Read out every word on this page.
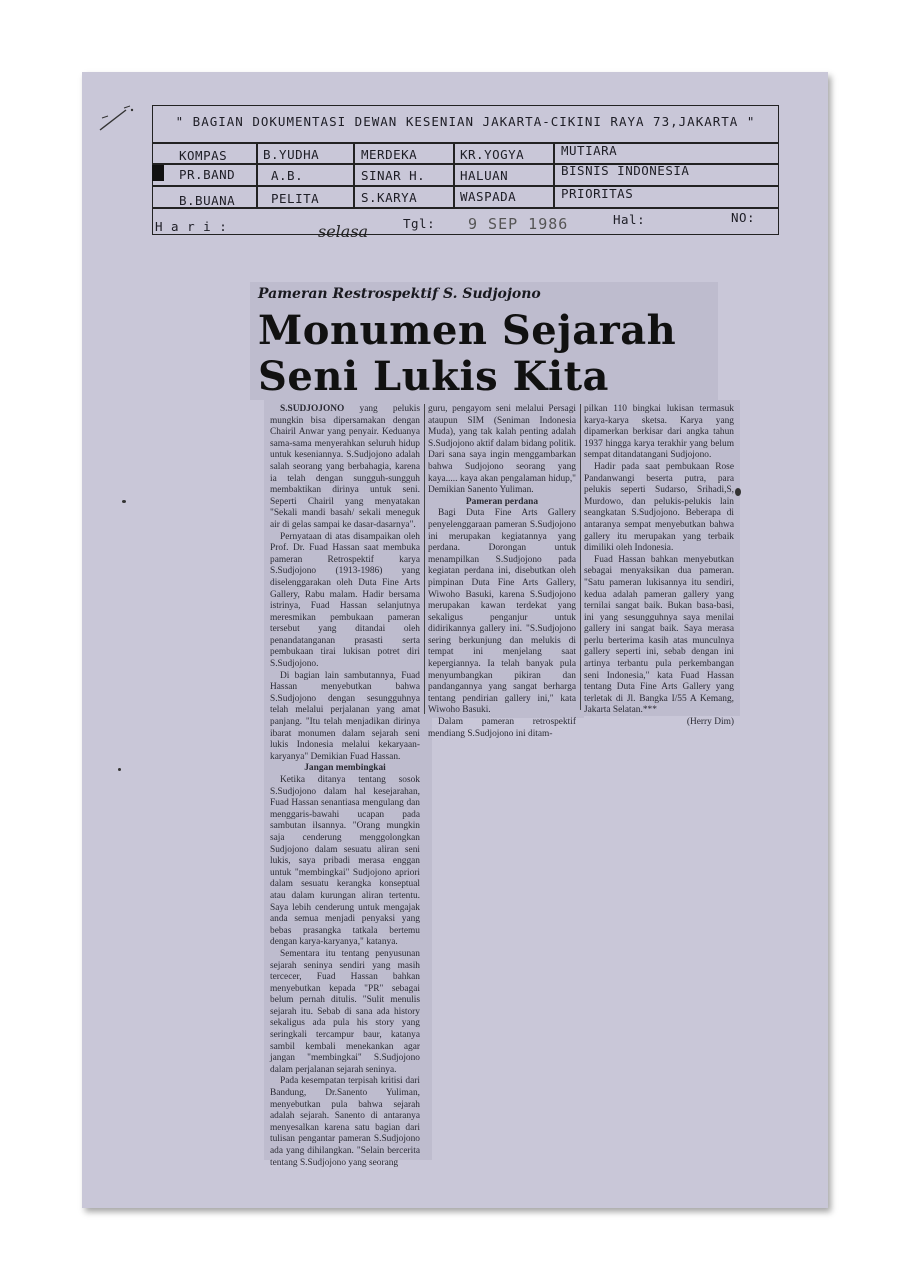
" BAGIAN DOKUMENTASI DEWAN KESENIAN JAKARTA-CIKINI RAYA 73,JAKARTA "
KOMPAS	B.YUDHA	MERDEKA	KR.YOGYA	MUTIARA
PR.BAND	A.B.	SINAR H.	HALUAN	BISNIS INDONESIA
B.BUANA	PELITA	S.KARYA	WASPADA	PRIORITAS
H a r i :	Tgl:	Hal:	NO:
selasa	9 SEP 1986
Pameran Restrospektif S. Sudjojono
Monumen Sejarah
Seni Lukis Kita

S.SUDJOJONO yang pelukis mungkin bisa dipersamakan dengan Chairil Anwar yang penyair. Keduanya sama-sama menyerahkan seluruh hidup untuk keseniannya. S.Sudjojono adalah salah seorang yang berbahagia, karena ia telah dengan sungguh-sungguh membaktikan dirinya untuk seni. Seperti Chairil yang menyatakan "Sekali mandi basah/ sekali meneguk air di gelas sampai ke dasar-dasarnya".

Pernyataan di atas disampaikan oleh Prof. Dr. Fuad Hassan saat membuka pameran Retrospektif karya S.Sudjojono (1913-1986) yang diselenggarakan oleh Duta Fine Arts Gallery, Rabu malam. Hadir bersama istrinya, Fuad Hassan selanjutnya meresmikan pembukaan pameran tersebut yang ditandai oleh penandatanganan prasasti serta pembukaan tirai lukisan potret diri S.Sudjojono.

Di bagian lain sambutannya, Fuad Hassan menyebutkan bahwa S.Sudjojono dengan sesungguhnya telah melalui perjalanan yang amat panjang. "Itu telah menjadikan dirinya ibarat monumen dalam sejarah seni lukis Indonesia melalui kekaryaan-karyanya" Demikian Fuad Hassan.

Jangan membingkai

Ketika ditanya tentang sosok S.Sudjojono dalam hal kesejarahan, Fuad Hassan senantiasa mengulang dan menggaris-bawahi ucapan pada sambutan ilsannya. "Orang mungkin saja cenderung menggolongkan Sudjojono dalam sesuatu aliran seni lukis, saya pribadi merasa enggan untuk "membingkai" Sudjojono apriori dalam sesuatu kerangka konseptual atau dalam kurungan aliran tertentu. Saya lebih cenderung untuk mengajak anda semua menjadi penyaksi yang bebas prasangka tatkala bertemu dengan karya-karyanya," katanya.

Sementara itu tentang penyusunan sejarah seninya sendiri yang masih tercecer, Fuad Hassan bahkan menyebutkan kepada "PR" sebagai belum pernah ditulis. "Sulit menulis sejarah itu. Sebab di sana ada history sekaligus ada pula his story yang seringkali tercampur baur, katanya sambil kembali menekankan agar jangan "membingkai" S.Sudjojono dalam perjalanan sejarah seninya.

Pada kesempatan terpisah kritisi dari Bandung, Dr.Sanento Yuliman, menyebutkan pula bahwa sejarah adalah sejarah. Sanento di antaranya menyesalkan karena satu bagian dari tulisan pengantar pameran S.Sudjojono ada yang dihilangkan. "Selain bercerita tentang S.Sudjojono yang seorang

guru, pengayom seni melalui Persagi ataupun SIM (Seniman Indonesia Muda), yang tak kalah penting adalah S.Sudjojono aktif dalam bidang politik. Dari sana saya ingin menggambarkan bahwa Sudjojono seorang yang kaya..... kaya akan pengalaman hidup," Demikian Sanento Yuliman.

Pameran perdana

Bagi Duta Fine Arts Gallery penyelenggaraan pameran S.Sudjojono ini merupakan kegiatannya yang perdana. Dorongan untuk menampilkan S.Sudjojono pada kegiatan perdana ini, disebutkan oleh pimpinan Duta Fine Arts Gallery, Wiwoho Basuki, karena S.Sudjojono merupakan kawan terdekat yang sekaligus penganjur untuk didirikannya gallery ini. "S.Sudjojono sering berkunjung dan melukis di tempat ini menjelang saat kepergiannya. Ia telah banyak pula menyumbangkan pikiran dan pandangannya yang sangat berharga tentang pendirian gallery ini," kata Wiwoho Basuki.

Dalam pameran retrospektif mendiang S.Sudjojono ini ditam-

pilkan 110 bingkai lukisan termasuk karya-karya sketsa. Karya yang dipamerkan berkisar dari angka tahun 1937 hingga karya terakhir yang belum sempat ditandatangani Sudjojono.

Hadir pada saat pembukaan Rose Pandanwangi beserta putra, para pelukis seperti Sudarso, Srihadi,S, Murdowo, dan pelukis-pelukis lain seangkatan S.Sudjojono. Beberapa di antaranya sempat menyebutkan bahwa gallery itu merupakan yang terbaik dimiliki oleh Indonesia.

Fuad Hassan bahkan menyebutkan sebagai menyaksikan dua pameran. "Satu pameran lukisannya itu sendiri, kedua adalah pameran gallery yang ternilai sangat baik. Bukan basa-basi, ini yang sesungguhnya saya menilai gallery ini sangat baik. Saya merasa perlu berterima kasih atas munculnya gallery seperti ini, sebab dengan ini artinya terbantu pula perkembangan seni Indonesia," kata Fuad Hassan tentang Duta Fine Arts Gallery yang terletak di Jl. Bangka I/55 A Kemang, Jakarta Selatan.***

(Herry Dim)
